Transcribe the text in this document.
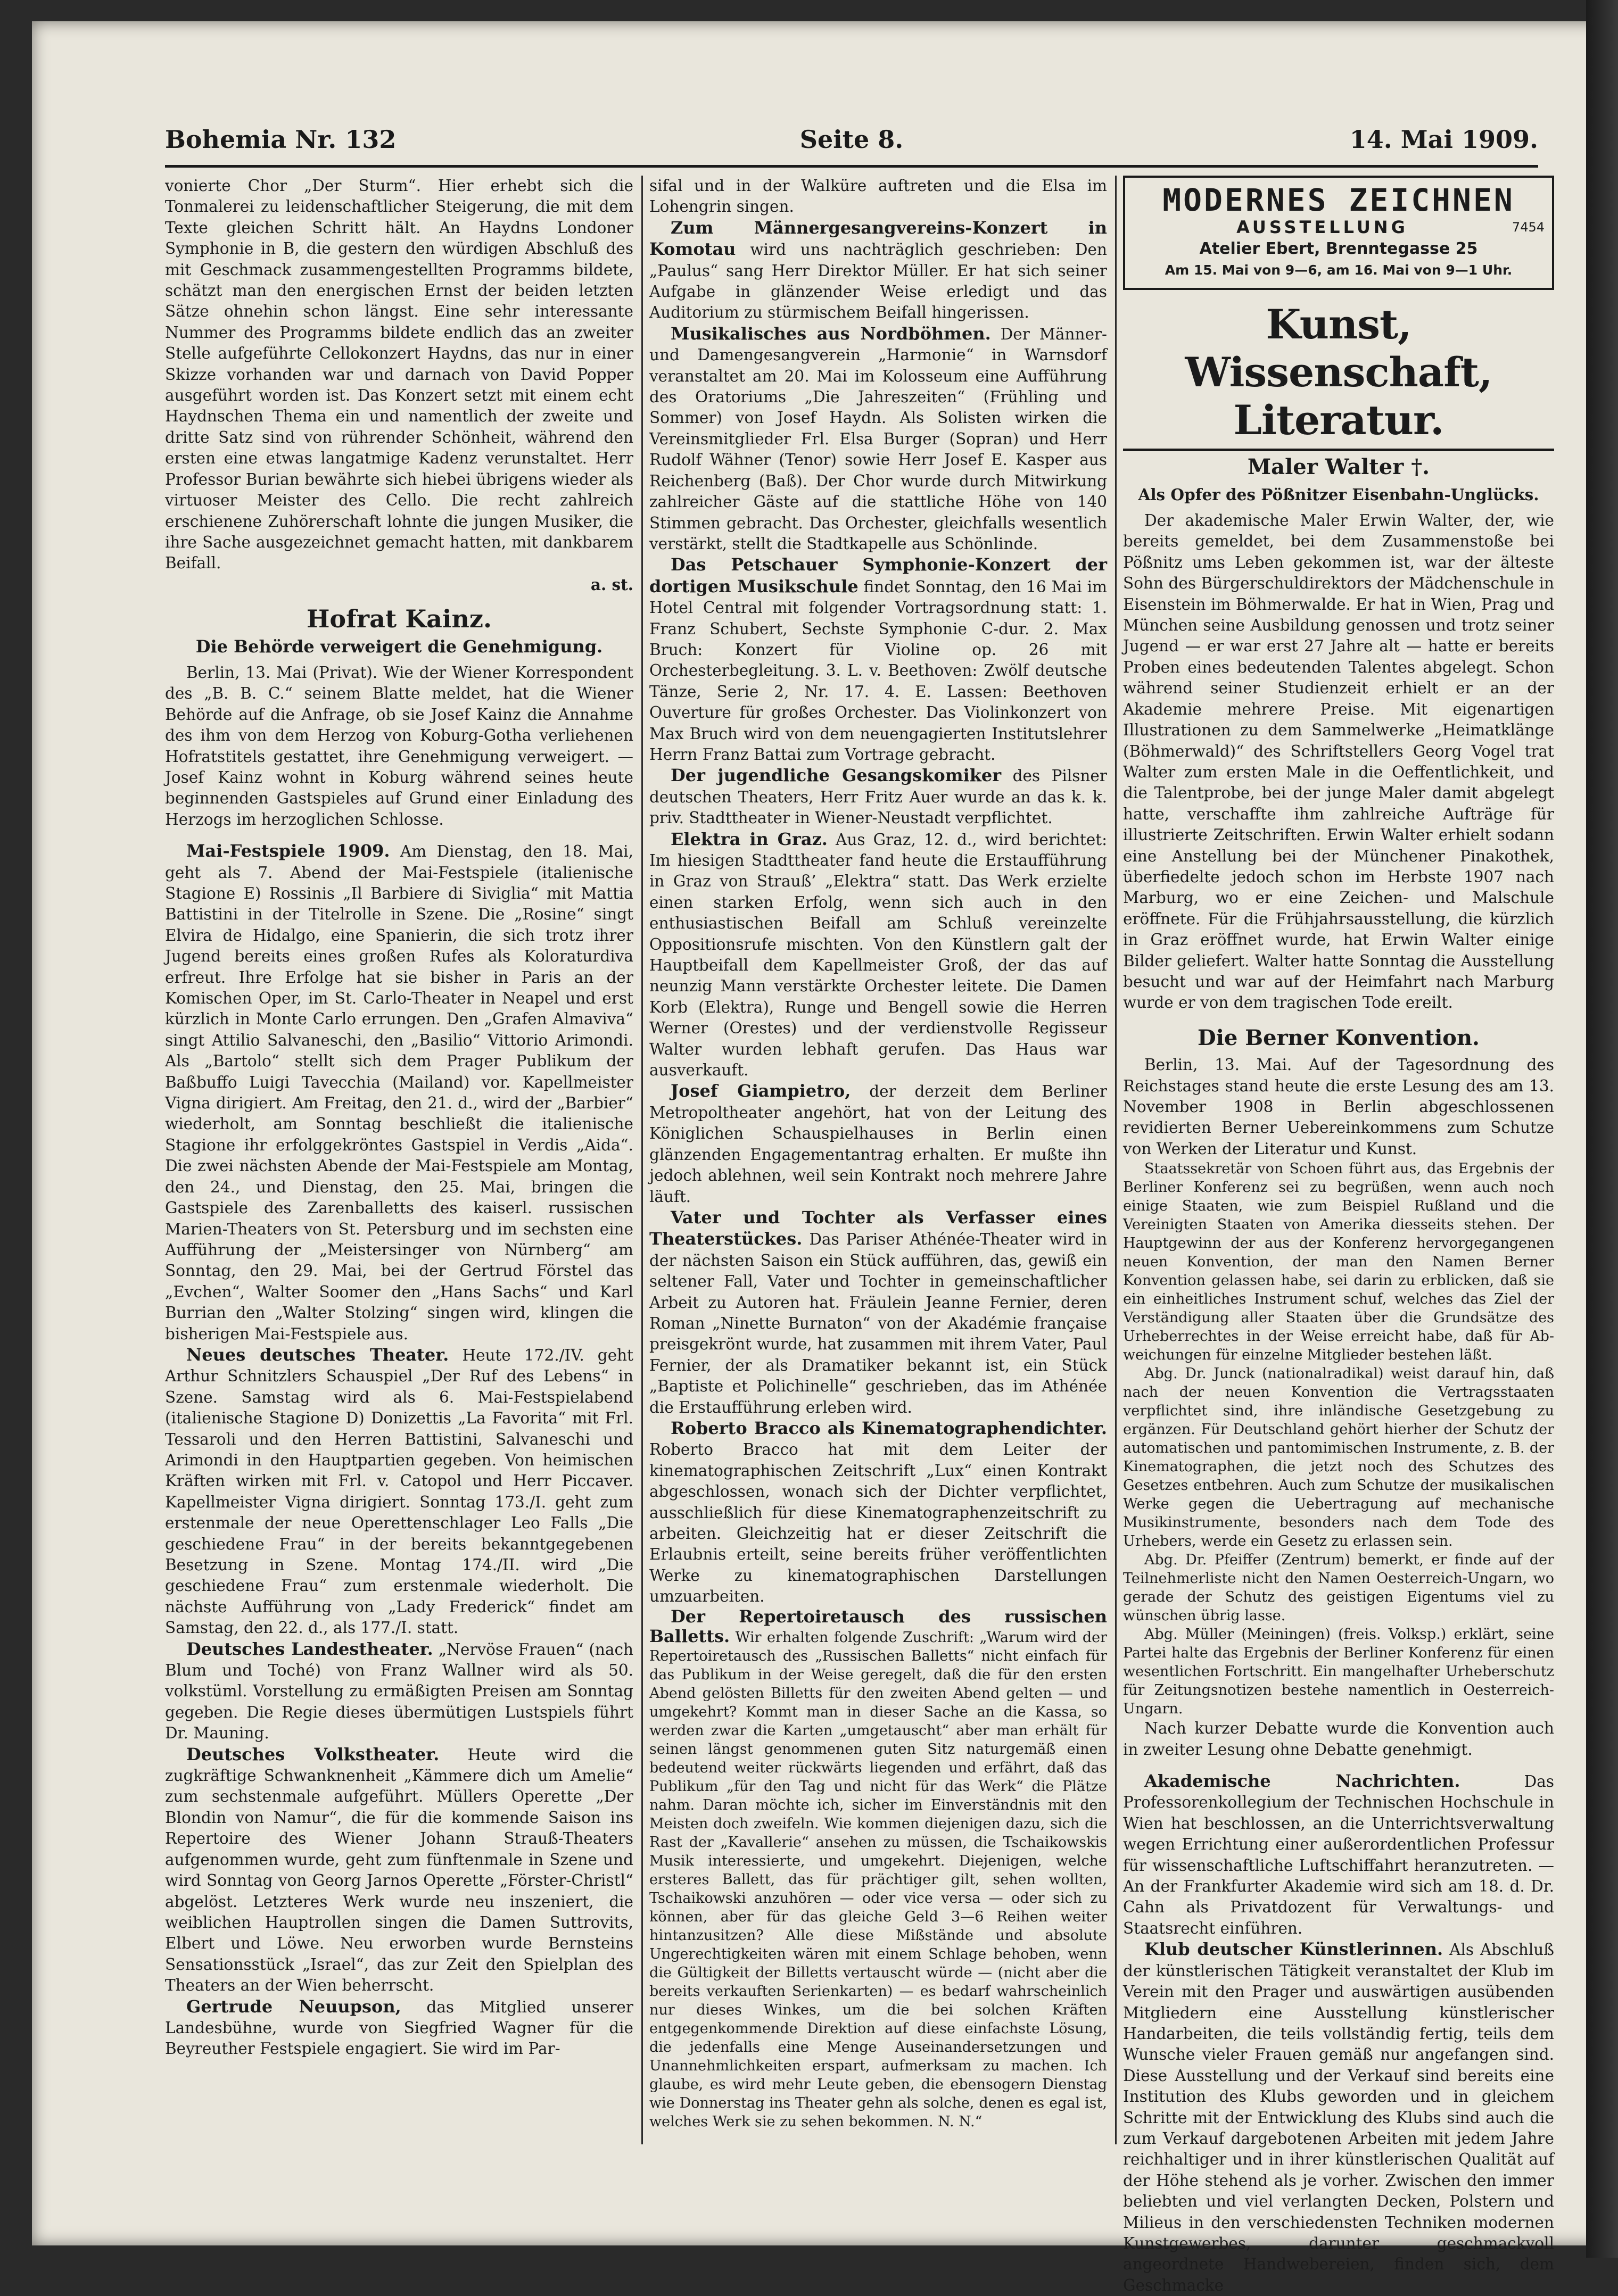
Bohemia Nr. 132	Seite 8.	14. Mai 1909.

vonierte Chor „Der Sturm“. Hier erhebt sich die Tonmalerei zu leidenschaftlicher Steigerung, die mit dem Texte gleichen Schritt hält. An Haydns Londoner Symphonie in B, die gestern den würdigen Abschluß des mit Geschmack zusammengestellten Programms bildete, schätzt man den energischen Ernst der beiden letzten Sätze ohnehin schon längst. Eine sehr interessante Nummer des Programms bildete endlich das an zweiter Stelle aufgeführte Cellokonzert Haydns, das nur in einer Skizze vorhanden war und darnach von David Popper ausgeführt worden ist. Das Konzert setzt mit einem echt Haydnschen Thema ein und namentlich der zweite und dritte Satz sind von rührender Schönheit, während den ersten eine etwas langatmige Kadenz verunstaltet. Herr Professor Burian bewährte sich hiebei übrigens wieder als virtuoser Meister des Cello. Die recht zahlreich erschienene Zuhörerschaft lohnte die jungen Musiker, die ihre Sache ausgezeichnet gemacht hatten, mit dankbarem Beifall.

a. st.

Hofrat Kainz.
Die Behörde verweigert die Genehmigung.

Berlin, 13. Mai (Privat). Wie der Wiener Korrespondent des „B. B. C.“ seinem Blatte meldet, hat die Wiener Behörde auf die Anfrage, ob sie Josef Kainz die Annahme des ihm von dem Herzog von Koburg-Gotha verliehenen Hofratstitels gestattet, ihre Genehmigung verweigert. — Josef Kainz wohnt in Koburg während seines heute beginnenden Gastspieles auf Grund einer Einladung des Herzogs im herzoglichen Schlosse.

Mai-Festspiele 1909. Am Dienstag, den 18. Mai, geht als 7. Abend der Mai-Festspiele (italienische Stagione E) Rossinis „Il Barbiere di Siviglia“ mit Mattia Battistini in der Titelrolle in Szene. Die „Rosine“ singt Elvira de Hidalgo, eine Spanierin, die sich trotz ihrer Jugend bereits eines großen Rufes als Koloraturdiva erfreut. Ihre Erfolge hat sie bisher in Paris an der Komischen Oper, im St. Carlo-Theater in Neapel und erst kürzlich in Monte Carlo errungen. Den „Grafen Almaviva“ singt Attilio Salvaneschi, den „Basilio“ Vittorio Arimondi. Als „Bartolo“ stellt sich dem Prager Publikum der Baßbuffo Luigi Tavecchia (Mailand) vor. Kapellmeister Vigna dirigiert. Am Freitag, den 21. d., wird der „Barbier“ wiederholt, am Sonntag beschließt die italienische Stagione ihr erfolggekröntes Gastspiel in Verdis „Aida“. Die zwei nächsten Abende der Mai-Festspiele am Montag, den 24., und Dienstag, den 25. Mai, bringen die Gastspiele des Zarenballetts des kaiserl. russischen Marien-Theaters von St. Petersburg und im sechsten eine Aufführung der „Meistersinger von Nürnberg“ am Sonntag, den 29. Mai, bei der Gertrud Förstel das „Evchen“, Walter Soomer den „Hans Sachs“ und Karl Burrian den „Walter Stolzing“ singen wird, klingen die bisherigen Mai-Festspiele aus.

Neues deutsches Theater. Heute 172./IV. geht Arthur Schnitzlers Schauspiel „Der Ruf des Lebens“ in Szene. Samstag wird als 6. Mai-Festspielabend (italienische Stagione D) Donizettis „La Favorita“ mit Frl. Tessaroli und den Herren Battistini, Salvaneschi und Arimondi in den Hauptpartien gegeben. Von heimischen Kräften wirken mit Frl. v. Catopol und Herr Piccaver. Kapellmeister Vigna dirigiert. Sonntag 173./I. geht zum erstenmale der neue Operettenschlager Leo Falls „Die geschiedene Frau“ in der bereits bekanntgegebenen Besetzung in Szene. Montag 174./II. wird „Die geschiedene Frau“ zum erstenmale wiederholt. Die nächste Aufführung von „Lady Frederick“ findet am Samstag, den 22. d., als 177./I. statt.

Deutsches Landestheater. „Nervöse Frauen“ (nach Blum und Toché) von Franz Wallner wird als 50. volkstüml. Vorstellung zu ermäßigten Preisen am Sonntag gegeben. Die Regie dieses übermütigen Lustspiels führt Dr. Mauning.

Deutsches Volkstheater. Heute wird die zugkräftige Schwanknenheit „Kämmere dich um Amelie“ zum sechstenmale aufgeführt. Müllers Operette „Der Blondin von Namur“, die für die kommende Saison ins Repertoire des Wiener Johann Strauß-Theaters aufgenommen wurde, geht zum fünftenmale in Szene und wird Sonntag von Georg Jarnos Operette „Förster-Christl“ abgelöst. Letzteres Werk wurde neu inszeniert, die weiblichen Hauptrollen singen die Damen Suttrovits, Elbert und Löwe. Neu erworben wurde Bernsteins Sensationsstück „Israel“, das zur Zeit den Spielplan des Theaters an der Wien beherrscht.

Gertrude Neuupson, das Mitglied unserer Landesbühne, wurde von Siegfried Wagner für die Beyreuther Festspiele engagiert. Sie wird im Par-

sifal und in der Walküre auftreten und die Elsa im Lohengrin singen.

Zum Männergesangvereins-Konzert in Komotau wird uns nachträglich geschrieben: Den „Paulus“ sang Herr Direktor Müller. Er hat sich seiner Aufgabe in glänzender Weise erledigt und das Auditorium zu stürmischem Beifall hingerissen.

Musikalisches aus Nordböhmen. Der Männer- und Damengesangverein „Harmonie“ in Warnsdorf veranstaltet am 20. Mai im Kolosseum eine Aufführung des Oratoriums „Die Jahreszeiten“ (Frühling und Sommer) von Josef Haydn. Als Solisten wirken die Vereinsmitglieder Frl. Elsa Burger (Sopran) und Herr Rudolf Wähner (Tenor) sowie Herr Josef E. Kasper aus Reichenberg (Baß). Der Chor wurde durch Mitwirkung zahlreicher Gäste auf die stattliche Höhe von 140 Stimmen gebracht. Das Orchester, gleichfalls wesentlich verstärkt, stellt die Stadtkapelle aus Schönlinde.

Das Petschauer Symphonie-Konzert der dortigen Musikschule findet Sonntag, den 16 Mai im Hotel Central mit folgender Vortragsordnung statt: 1. Franz Schubert, Sechste Symphonie C-dur. 2. Max Bruch: Konzert für Violine op. 26 mit Orchesterbegleitung. 3. L. v. Beethoven: Zwölf deutsche Tänze, Serie 2, Nr. 17. 4. E. Lassen: Beethoven Ouverture für großes Orchester. Das Violinkonzert von Max Bruch wird von dem neuengagierten Institutslehrer Herrn Franz Battai zum Vortrage gebracht.

Der jugendliche Gesangskomiker des Pilsner deutschen Theaters, Herr Fritz Auer wurde an das k. k. priv. Stadttheater in Wiener-Neustadt verpflichtet.

Elektra in Graz. Aus Graz, 12. d., wird berichtet: Im hiesigen Stadttheater fand heute die Erstaufführung in Graz von Strauß’ „Elektra“ statt. Das Werk erzielte einen starken Erfolg, wenn sich auch in den enthusiastischen Beifall am Schluß vereinzelte Oppositionsrufe mischten. Von den Künstlern galt der Hauptbeifall dem Kapellmeister Groß, der das auf neunzig Mann verstärkte Orchester leitete. Die Damen Korb (Elektra), Runge und Bengell sowie die Herren Werner (Orestes) und der verdienstvolle Regisseur Walter wurden lebhaft gerufen. Das Haus war ausverkauft.

Josef Giampietro, der derzeit dem Berliner Metropoltheater angehört, hat von der Leitung des Königlichen Schauspielhauses in Berlin einen glänzenden Engagementantrag erhalten. Er mußte ihn jedoch ablehnen, weil sein Kontrakt noch mehrere Jahre läuft.

Vater und Tochter als Verfasser eines Theaterstückes. Das Pariser Athénée-Theater wird in der nächsten Saison ein Stück aufführen, das, gewiß ein seltener Fall, Vater und Tochter in gemeinschaftlicher Arbeit zu Autoren hat. Fräulein Jeanne Fernier, deren Roman „Ninette Burnaton“ von der Akadémie française preisgekrönt wurde, hat zusammen mit ihrem Vater, Paul Fernier, der als Dramatiker bekannt ist, ein Stück „Baptiste et Polichinelle“ geschrieben, das im Athénée die Erstaufführung erleben wird.

Roberto Bracco als Kinematographendichter. Roberto Bracco hat mit dem Leiter der kinematographischen Zeitschrift „Lux“ einen Kontrakt abgeschlossen, wonach sich der Dichter verpflichtet, ausschließlich für diese Kinematographenzeitschrift zu arbeiten. Gleichzeitig hat er dieser Zeitschrift die Erlaubnis erteilt, seine bereits früher veröffentlichten Werke zu kinematographischen Darstellungen umzuarbeiten.

Der Repertoiretausch des russischen Balletts. Wir erhalten folgende Zuschrift: „Warum wird der Repertoiretausch des „Russischen Balletts“ nicht einfach für das Publikum in der Weise geregelt, daß die für den ersten Abend gelösten Billetts für den zweiten Abend gelten — und umgekehrt? Kommt man in dieser Sache an die Kassa, so werden zwar die Karten „umgetauscht“ aber man erhält für seinen längst genommenen guten Sitz naturgemäß einen bedeutend weiter rückwärts liegenden und erfährt, daß das Publikum „für den Tag und nicht für das Werk“ die Plätze nahm. Daran möchte ich, sicher im Einverständnis mit den Meisten doch zweifeln. Wie kommen diejenigen dazu, sich die Rast der „Kavallerie“ ansehen zu müssen, die Tschaikowskis Musik interessierte, und umgekehrt. Diejenigen, welche ersteres Ballett, das für prächtiger gilt, sehen wollten, Tschaikowski anzuhören — oder vice versa — oder sich zu können, aber für das gleiche Geld 3—6 Reihen weiter hintanzusitzen? Alle diese Mißstände und absolute Ungerechtigkeiten wären mit einem Schlage behoben, wenn die Gültigkeit der Billetts vertauscht würde — (nicht aber die bereits verkauften Serienkarten) — es bedarf wahrscheinlich nur dieses Winkes, um die bei solchen Kräften entgegenkommende Direktion auf diese einfachste Lösung, die jedenfalls eine Menge Auseinandersetzungen und Unannehmlichkeiten erspart, aufmerksam zu machen. Ich glaube, es wird mehr Leute geben, die ebensogern Dienstag wie Donnerstag ins Theater gehn als solche, denen es egal ist, welches Werk sie zu sehen bekommen. N. N.“

MODERNES ZEICHNEN
AUSSTELLUNG	7454
Atelier Ebert, Brenntegasse 25
Am 15. Mai von 9—6, am 16. Mai von 9—1 Uhr.
Kunst, Wissenschaft, Literatur.
Maler Walter †.
Als Opfer des Pößnitzer Eisenbahn-Unglücks.

Der akademische Maler Erwin Walter, der, wie bereits gemeldet, bei dem Zusammenstoße bei Pößnitz ums Leben gekommen ist, war der älteste Sohn des Bürgerschuldirektors der Mädchenschule in Eisenstein im Böhmerwalde. Er hat in Wien, Prag und München seine Ausbildung genossen und trotz seiner Jugend — er war erst 27 Jahre alt — hatte er bereits Proben eines bedeutenden Talentes abgelegt. Schon während seiner Studienzeit erhielt er an der Akademie mehrere Preise. Mit eigenartigen Illustrationen zu dem Sammelwerke „Heimatklänge (Böhmerwald)“ des Schriftstellers Georg Vogel trat Walter zum ersten Male in die Oeffentlichkeit, und die Talentprobe, bei der junge Maler damit abgelegt hatte, verschaffte ihm zahlreiche Aufträge für illustrierte Zeitschriften. Erwin Walter erhielt sodann eine Anstellung bei der Münchener Pinakothek, überfiedelte jedoch schon im Herbste 1907 nach Marburg, wo er eine Zeichen- und Malschule eröffnete. Für die Frühjahrsausstellung, die kürzlich in Graz eröffnet wurde, hat Erwin Walter einige Bilder geliefert. Walter hatte Sonntag die Ausstellung besucht und war auf der Heimfahrt nach Marburg wurde er von dem tragischen Tode ereilt.

Die Berner Konvention.

Berlin, 13. Mai. Auf der Tagesordnung des Reichstages stand heute die erste Lesung des am 13. November 1908 in Berlin abgeschlossenen revidierten Berner Uebereinkommens zum Schutze von Werken der Literatur und Kunst.

Staatssekretär von Schoen führt aus, das Ergebnis der Berliner Konferenz sei zu begrüßen, wenn auch noch einige Staaten, wie zum Beispiel Rußland und die Vereinigten Staaten von Amerika diesseits stehen. Der Hauptgewinn der aus der Konferenz hervorgegangenen neuen Konvention, der man den Namen Berner Konvention gelassen habe, sei darin zu erblicken, daß sie ein einheitliches Instrument schuf, welches das Ziel der Verständigung aller Staaten über die Grundsätze des Urheberrechtes in der Weise erreicht habe, daß für Ab-weichungen für einzelne Mitglieder bestehen läßt.

Abg. Dr. Junck (nationalradikal) weist darauf hin, daß nach der neuen Konvention die Vertragsstaaten verpflichtet sind, ihre inländische Gesetzgebung zu ergänzen. Für Deutschland gehört hierher der Schutz der automatischen und pantomimischen Instrumente, z. B. der Kinematographen, die jetzt noch des Schutzes des Gesetzes entbehren. Auch zum Schutze der musikalischen Werke gegen die Uebertragung auf mechanische Musikinstrumente, besonders nach dem Tode des Urhebers, werde ein Gesetz zu erlassen sein.

Abg. Dr. Pfeiffer (Zentrum) bemerkt, er finde auf der Teilnehmerliste nicht den Namen Oesterreich-Ungarn, wo gerade der Schutz des geistigen Eigentums viel zu wünschen übrig lasse.

Abg. Müller (Meiningen) (freis. Volksp.) erklärt, seine Partei halte das Ergebnis der Berliner Konferenz für einen wesentlichen Fortschritt. Ein mangelhafter Urheberschutz für Zeitungsnotizen bestehe namentlich in Oesterreich-Ungarn.

Nach kurzer Debatte wurde die Konvention auch in zweiter Lesung ohne Debatte genehmigt.

Akademische Nachrichten.	Das Professorenkollegium der Technischen Hochschule in Wien hat beschlossen, an die Unterrichtsverwaltung wegen Errichtung einer außerordentlichen Professur für wissenschaftliche Luftschiffahrt heranzutreten. — An der Frankfurter Akademie wird sich am 18. d. Dr. Cahn als Privatdozent für Verwaltungs- und Staatsrecht einführen.

Klub deutscher Künstlerinnen. Als Abschluß der künstlerischen Tätigkeit veranstaltet der Klub im Verein mit den Prager und auswärtigen ausübenden Mitgliedern eine Ausstellung künstlerischer Handarbeiten, die teils vollständig fertig, teils dem Wunsche vieler Frauen gemäß nur angefangen sind. Diese Ausstellung und der Verkauf sind bereits eine Institution des Klubs geworden und in gleichem Schritte mit der Entwicklung des Klubs sind auch die zum Verkauf dargebotenen Arbeiten mit jedem Jahre reichhaltiger und in ihrer künstlerischen Qualität auf der Höhe stehend als je vorher. Zwischen den immer beliebten und viel verlangten Decken, Polstern und Milieus in den verschiedensten Techniken modernen Kunstgewerbes, darunter geschmackvoll angeordnete Handwebereien, finden sich, dem Geschmacke
